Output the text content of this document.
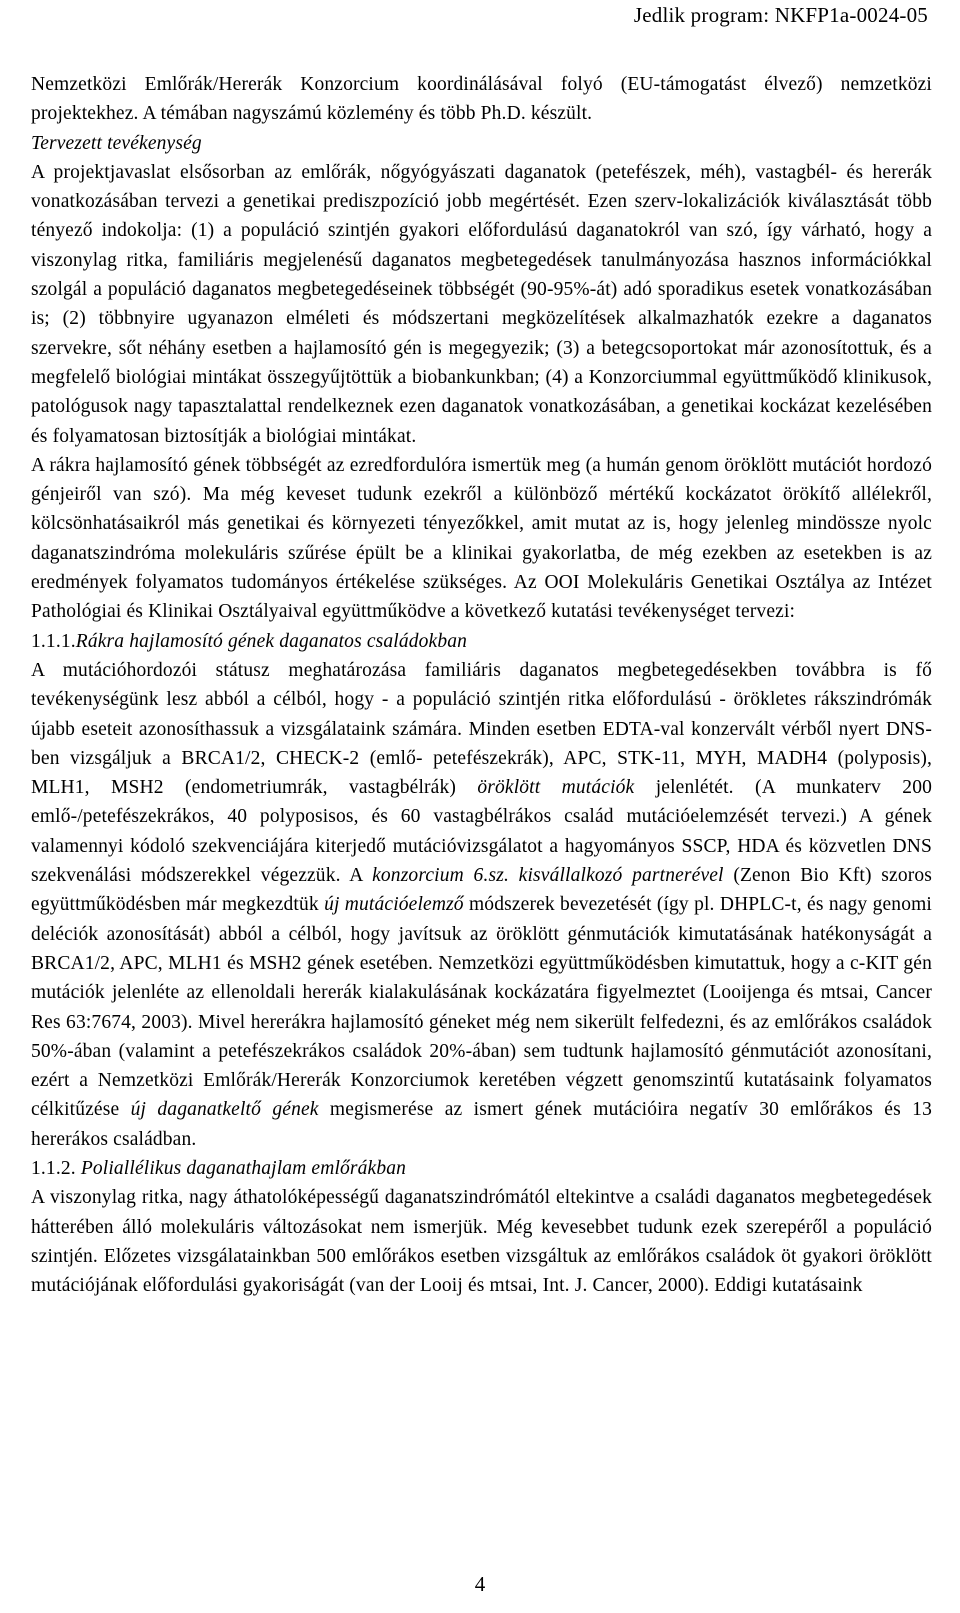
Jedlik program: NKFP1a-0024-05

Nemzetközi Emlőrák/Hererák Konzorcium koordinálásával folyó (EU-támogatást élvező) nemzetközi projektekhez. A témában nagyszámú közlemény és több Ph.D. készült.

Tervezett tevékenység

A projektjavaslat elsősorban az emlőrák, nőgyógyászati daganatok (petefészek, méh), vastagbél- és hererák vonatkozásában tervezi a genetikai prediszpozíció jobb megértését. Ezen szerv-lokalizációk kiválasztását több tényező indokolja: (1) a populáció szintjén gyakori előfordulású daganatokról van szó, így várható, hogy a viszonylag ritka, familiáris megjelenésű daganatos megbetegedések tanulmányozása hasznos információkkal szolgál a populáció daganatos megbetegedéseinek többségét (90-95%-át) adó sporadikus esetek vonatkozásában is; (2) többnyire ugyanazon elméleti és módszertani megközelítések alkalmazhatók ezekre a daganatos szervekre, sőt néhány esetben a hajlamosító gén is megegyezik; (3) a betegcsoportokat már azonosítottuk, és a megfelelő biológiai mintákat összegyűjtöttük a biobankunkban; (4) a Konzorciummal együttműködő klinikusok, patológusok nagy tapasztalattal rendelkeznek ezen daganatok vonatkozásában, a genetikai kockázat kezelésében és folyamatosan biztosítják a biológiai mintákat.

A rákra hajlamosító gének többségét az ezredfordulóra ismertük meg (a humán genom öröklött mutációt hordozó génjeiről van szó). Ma még keveset tudunk ezekről a különböző mértékű kockázatot örökítő allélekről, kölcsönhatásaikról más genetikai és környezeti tényezőkkel, amit mutat az is, hogy jelenleg mindössze nyolc daganatszindróma molekuláris szűrése épült be a klinikai gyakorlatba, de még ezekben az esetekben is az eredmények folyamatos tudományos értékelése szükséges. Az OOI Molekuláris Genetikai Osztálya az Intézet Pathológiai és Klinikai Osztályaival együttműködve a következő kutatási tevékenységet tervezi:

1.1.1.Rákra hajlamosító gének daganatos családokban

A mutációhordozói státusz meghatározása familiáris daganatos megbetegedésekben továbbra is fő tevékenységünk lesz abból a célból, hogy - a populáció szintjén ritka előfordulású - örökletes rákszindrómák újabb eseteit azonosíthassuk a vizsgálataink számára. Minden esetben EDTA-val konzervált vérből nyert DNS-ben vizsgáljuk a BRCA1/2, CHECK-2 (emlő- petefészekrák), APC, STK-11, MYH, MADH4 (polyposis), MLH1, MSH2 (endometriumrák, vastagbélrák) öröklött mutációk jelenlétét. (A munkaterv 200 emlő-/petefészekrákos, 40 polyposisos, és 60 vastagbélrákos család mutációelemzését tervezi.) A gének valamennyi kódoló szekvenciájára kiterjedő mutációvizsgálatot a hagyományos SSCP, HDA és közvetlen DNS szekvenálási módszerekkel végezzük. A konzorcium 6.sz. kisvállalkozó partnerével (Zenon Bio Kft) szoros együttműködésben már megkezdtük új mutációelemző módszerek bevezetését (így pl. DHPLC-t, és nagy genomi deléciók azonosítását) abból a célból, hogy javítsuk az öröklött génmutációk kimutatásának hatékonyságát a BRCA1/2, APC, MLH1 és MSH2 gének esetében. Nemzetközi együttműködésben kimutattuk, hogy a c-KIT gén mutációk jelenléte az ellenoldali hererák kialakulásának kockázatára figyelmeztet (Looijenga és mtsai, Cancer Res 63:7674, 2003). Mivel hererákra hajlamosító géneket még nem sikerült felfedezni, és az emlőrákos családok 50%-ában (valamint a petefészekrákos családok 20%-ában) sem tudtunk hajlamosító génmutációt azonosítani, ezért a Nemzetközi Emlőrák/Hererák Konzorciumok keretében végzett genomszintű kutatásaink folyamatos célkitűzése új daganatkeltő gének megismerése az ismert gének mutációira negatív 30 emlőrákos és 13 hererákos családban.

1.1.2. Poliallélikus daganathajlam emlőrákban

A viszonylag ritka, nagy áthatolóképességű daganatszindrómától eltekintve a családi daganatos megbetegedések hátterében álló molekuláris változásokat nem ismerjük. Még kevesebbet tudunk ezek szerepéről a populáció szintjén. Előzetes vizsgálatainkban 500 emlőrákos esetben vizsgáltuk az emlőrákos családok öt gyakori öröklött mutációjának előfordulási gyakoriságát (van der Looij és mtsai, Int. J. Cancer, 2000). Eddigi kutatásaink

4
